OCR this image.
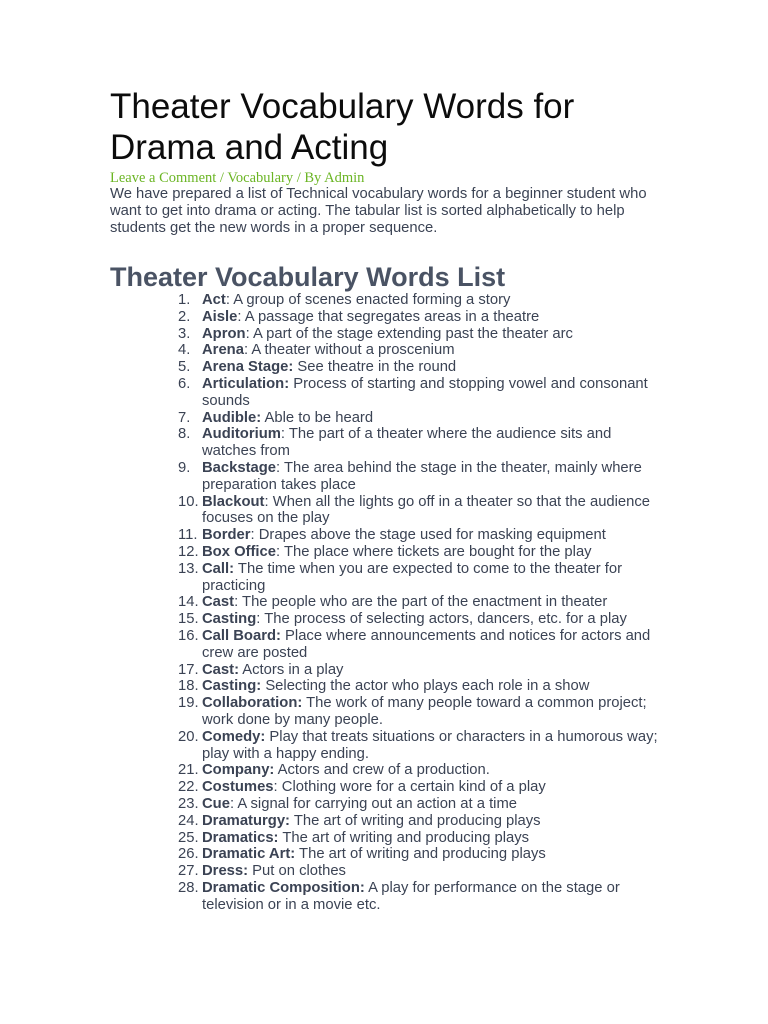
Theater Vocabulary Words for Drama and Acting
Leave a Comment / Vocabulary / By Admin

We have prepared a list of Technical vocabulary words for a beginner student who want to get into drama or acting. The tabular list is sorted alphabetically to help students get the new words in a proper sequence.

Theater Vocabulary Words List
1. Act: A group of scenes enacted forming a story
2. Aisle: A passage that segregates areas in a theatre
3. Apron: A part of the stage extending past the theater arc
4. Arena: A theater without a proscenium
5. Arena Stage: See theatre in the round
6. Articulation: Process of starting and stopping vowel and consonant sounds
7. Audible: Able to be heard
8. Auditorium: The part of a theater where the audience sits and watches from
9. Backstage: The area behind the stage in the theater, mainly where preparation takes place
10. Blackout: When all the lights go off in a theater so that the audience focuses on the play
11. Border: Drapes above the stage used for masking equipment
12. Box Office: The place where tickets are bought for the play
13. Call: The time when you are expected to come to the theater for practicing
14. Cast: The people who are the part of the enactment in theater
15. Casting: The process of selecting actors, dancers, etc. for a play
16. Call Board: Place where announcements and notices for actors and crew are posted
17. Cast: Actors in a play
18. Casting: Selecting the actor who plays each role in a show
19. Collaboration: The work of many people toward a common project; work done by many people.
20. Comedy: Play that treats situations or characters in a humorous way; play with a happy ending.
21. Company: Actors and crew of a production.
22. Costumes: Clothing wore for a certain kind of a play
23. Cue: A signal for carrying out an action at a time
24. Dramaturgy: The art of writing and producing plays
25. Dramatics: The art of writing and producing plays
26. Dramatic Art: The art of writing and producing plays
27. Dress: Put on clothes
28. Dramatic Composition: A play for performance on the stage or television or in a movie etc.
